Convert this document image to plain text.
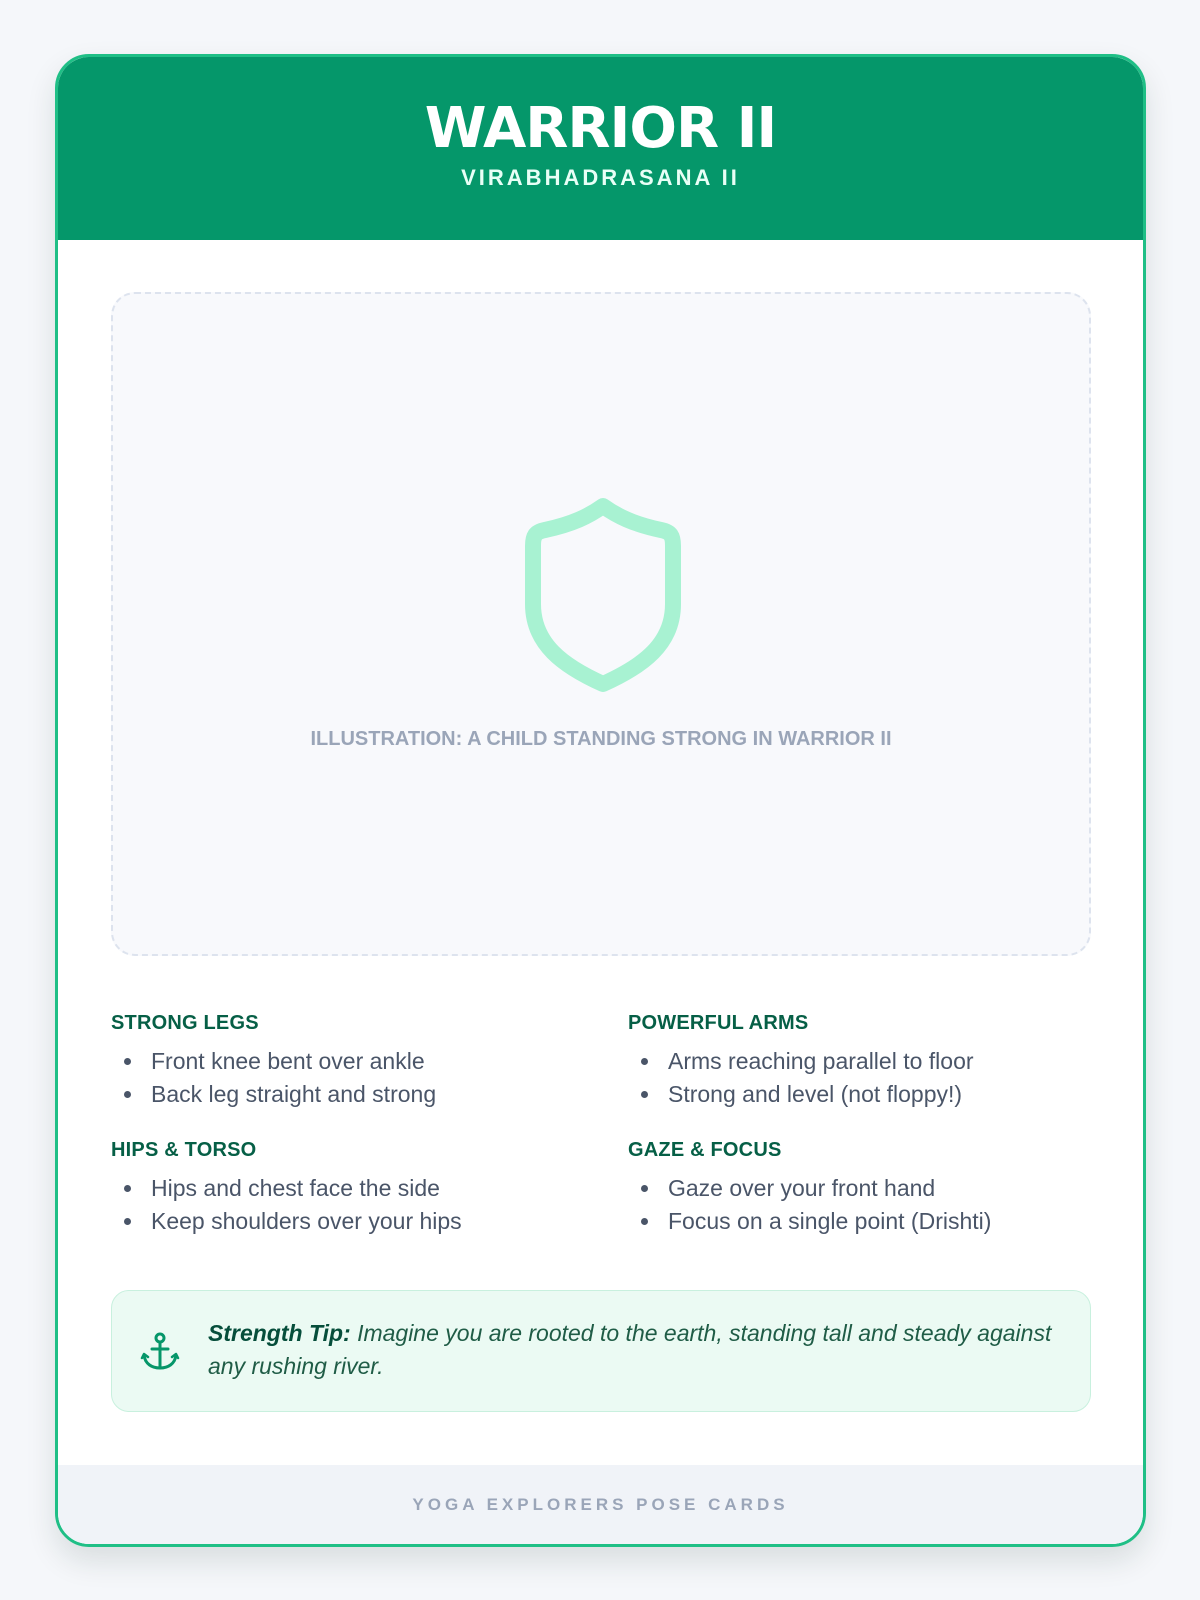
WARRIOR II
VIRABHADRASANA II
ILLUSTRATION: A CHILD STANDING STRONG IN WARRIOR II
STRONG LEGS
Front knee bent over ankle
Back leg straight and strong
POWERFUL ARMS
Arms reaching parallel to floor
Strong and level (not floppy!)
HIPS & TORSO
Hips and chest face the side
Keep shoulders over your hips
GAZE & FOCUS
Gaze over your front hand
Focus on a single point (Drishti)
Strength Tip: Imagine you are rooted to the earth, standing tall and steady against any rushing river.
YOGA EXPLORERS POSE CARDS
